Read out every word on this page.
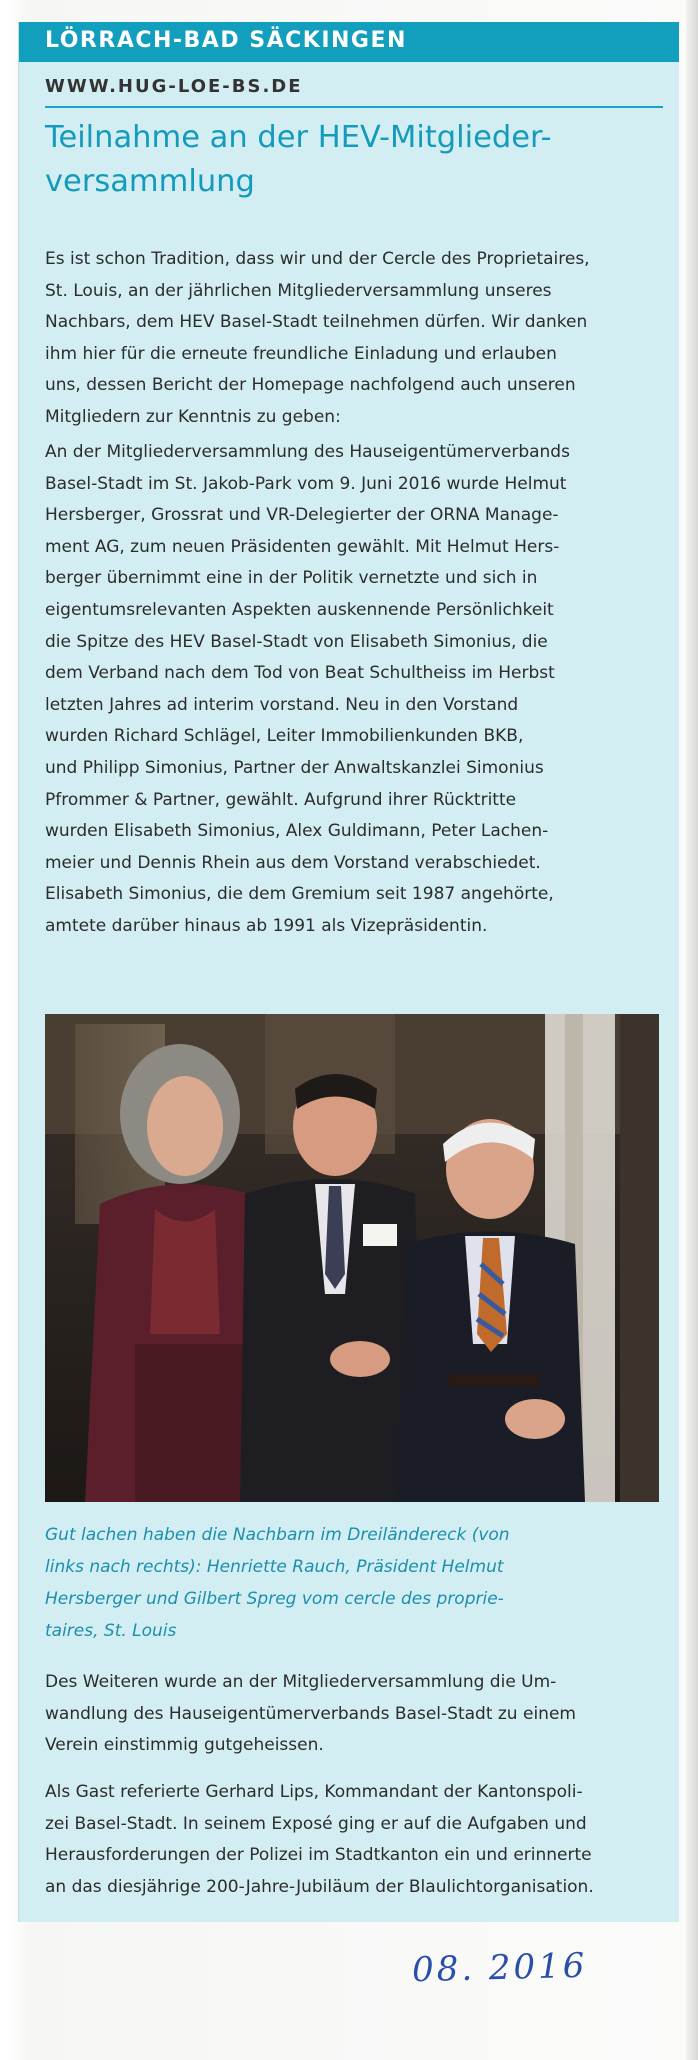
LÖRRACH-BAD SÄCKINGEN
WWW.HUG-LOE-BS.DE
Teilnahme an der HEV-Mitglieder-
versammlung
Es ist schon Tradition, dass wir und der Cercle des Proprietaires,
St. Louis, an der jährlichen Mitgliederversammlung unseres
Nachbars, dem HEV Basel-Stadt teilnehmen dürfen. Wir danken
ihm hier für die erneute freundliche Einladung und erlauben
uns, dessen Bericht der Homepage nachfolgend auch unseren
Mitgliedern zur Kenntnis zu geben:
An der Mitgliederversammlung des Hauseigentümerverbands
Basel-Stadt im St. Jakob-Park vom 9. Juni 2016 wurde Helmut
Hersberger, Grossrat und VR-Delegierter der ORNA Manage-
ment AG, zum neuen Präsidenten gewählt. Mit Helmut Hers-
berger übernimmt eine in der Politik vernetzte und sich in
eigentumsrelevanten Aspekten auskennende Persönlichkeit
die Spitze des HEV Basel-Stadt von Elisabeth Simonius, die
dem Verband nach dem Tod von Beat Schultheiss im Herbst
letzten Jahres ad interim vorstand. Neu in den Vorstand
wurden Richard Schlägel, Leiter Immobilienkunden BKB,
und Philipp Simonius, Partner der Anwaltskanzlei Simonius
Pfrommer & Partner, gewählt. Aufgrund ihrer Rücktritte
wurden Elisabeth Simonius, Alex Guldimann, Peter Lachen-
meier und Dennis Rhein aus dem Vorstand verabschiedet.
Elisabeth Simonius, die dem Gremium seit 1987 angehörte,
amtete darüber hinaus ab 1991 als Vizepräsidentin.
Gut lachen haben die Nachbarn im Dreiländereck (von
links nach rechts): Henriette Rauch, Präsident Helmut
Hersberger und Gilbert Spreg vom cercle des proprie-
taires, St. Louis
Des Weiteren wurde an der Mitgliederversammlung die Um-
wandlung des Hauseigentümerverbands Basel-Stadt zu einem
Verein einstimmig gutgeheissen.
Als Gast referierte Gerhard Lips, Kommandant der Kantonspoli-
zei Basel-Stadt. In seinem Exposé ging er auf die Aufgaben und
Herausforderungen der Polizei im Stadtkanton ein und erinnerte
an das diesjährige 200-Jahre-Jubiläum der Blaulichtorganisation.
08. 2016
